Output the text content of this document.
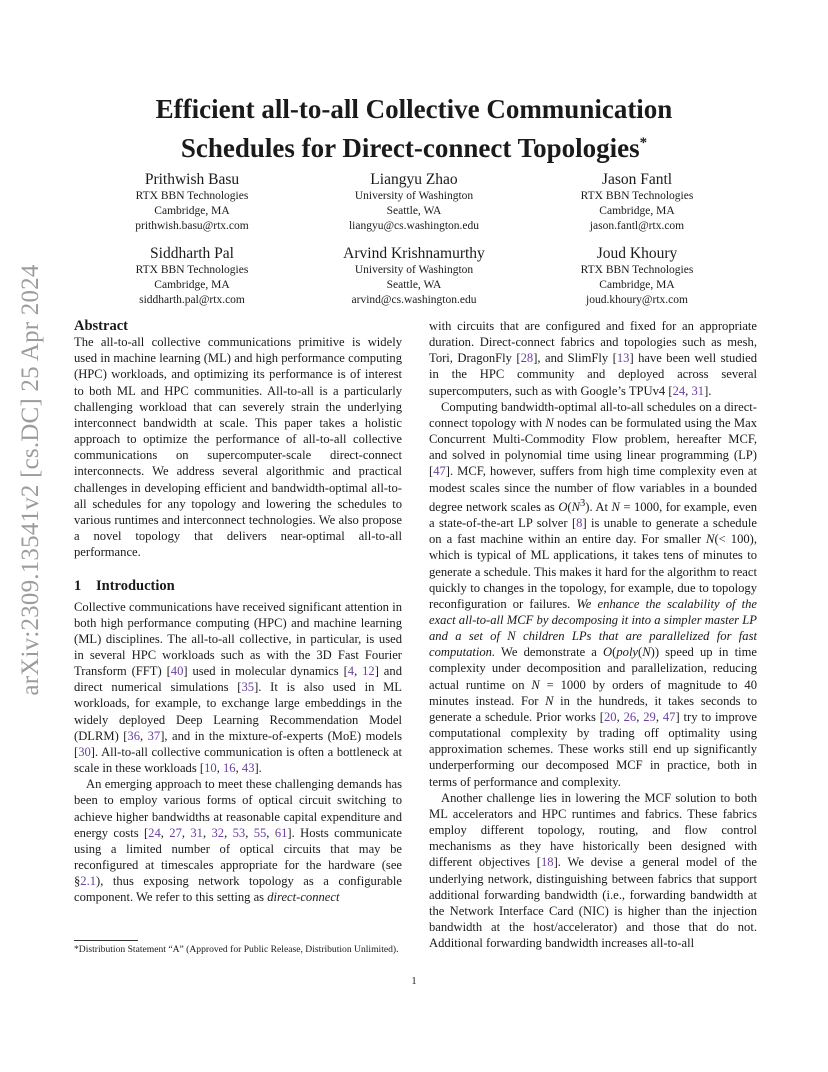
arXiv:2309.13541v2 [cs.DC] 25 Apr 2024
Efficient all-to-all Collective Communication
Schedules for Direct-connect Topologies*
Prithwish Basu
RTX BBN Technologies
Cambridge, MA
prithwish.basu@rtx.com
Liangyu Zhao
University of Washington
Seattle, WA
liangyu@cs.washington.edu
Jason Fantl
RTX BBN Technologies
Cambridge, MA
jason.fantl@rtx.com
Siddharth Pal
RTX BBN Technologies
Cambridge, MA
siddharth.pal@rtx.com
Arvind Krishnamurthy
University of Washington
Seattle, WA
arvind@cs.washington.edu
Joud Khoury
RTX BBN Technologies
Cambridge, MA
joud.khoury@rtx.com
Abstract

The all-to-all collective communications primitive is widely used in machine learning (ML) and high performance computing (HPC) workloads, and optimizing its performance is of interest to both ML and HPC communities. All-to-all is a particularly challenging workload that can severely strain the underlying interconnect bandwidth at scale. This paper takes a holistic approach to optimize the performance of all-to-all collective communications on supercomputer-scale direct-connect interconnects. We address several algorithmic and practical challenges in developing efficient and bandwidth-optimal all-to-all schedules for any topology and lowering the schedules to various runtimes and interconnect technologies. We also propose a novel topology that delivers near-optimal all-to-all performance.

1 Introduction

Collective communications have received significant attention in both high performance computing (HPC) and machine learning (ML) disciplines. The all-to-all collective, in particular, is used in several HPC workloads such as with the 3D Fast Fourier Transform (FFT) [40] used in molecular dynamics [4, 12] and direct numerical simulations [35]. It is also used in ML workloads, for example, to exchange large embeddings in the widely deployed Deep Learning Recommendation Model (DLRM) [36, 37], and in the mixture-of-experts (MoE) models [30]. All-to-all collective communication is often a bottleneck at scale in these workloads [10, 16, 43].

An emerging approach to meet these challenging demands has been to employ various forms of optical circuit switching to achieve higher bandwidths at reasonable capital expenditure and energy costs [24, 27, 31, 32, 53, 55, 61]. Hosts communicate using a limited number of optical circuits that may be reconfigured at timescales appropriate for the hardware (see §2.1), thus exposing network topology as a configurable component. We refer to this setting as direct-connect

*Distribution Statement “A” (Approved for Public Release, Distribution Unlimited).

with circuits that are configured and fixed for an appropriate duration. Direct-connect fabrics and topologies such as mesh, Tori, DragonFly [28], and SlimFly [13] have been well studied in the HPC community and deployed across several supercomputers, such as with Google’s TPUv4 [24, 31].

Computing bandwidth-optimal all-to-all schedules on a direct-connect topology with N nodes can be formulated using the Max Concurrent Multi-Commodity Flow problem, hereafter MCF, and solved in polynomial time using linear programming (LP) [47]. MCF, however, suffers from high time complexity even at modest scales since the number of flow variables in a bounded degree network scales as $O(N^3)$. At N = 1000, for example, even a state-of-the-art LP solver [8] is unable to generate a schedule on a fast machine within an entire day. For smaller N(< 100), which is typical of ML applications, it takes tens of minutes to generate a schedule. This makes it hard for the algorithm to react quickly to changes in the topology, for example, due to topology reconfiguration or failures. We enhance the scalability of the exact all-to-all MCF by decomposing it into a simpler master LP and a set of N children LPs that are parallelized for fast computation. We demonstrate a O(poly(N)) speed up in time complexity under decomposition and parallelization, reducing actual runtime on N = 1000 by orders of magnitude to 40 minutes instead. For N in the hundreds, it takes seconds to generate a schedule. Prior works [20, 26, 29, 47] try to improve computational complexity by trading off optimality using approximation schemes. These works still end up significantly underperforming our decomposed MCF in practice, both in terms of performance and complexity.

Another challenge lies in lowering the MCF solution to both ML accelerators and HPC runtimes and fabrics. These fabrics employ different topology, routing, and flow control mechanisms as they have historically been designed with different objectives [18]. We devise a general model of the underlying network, distinguishing between fabrics that support additional forwarding bandwidth (i.e., forwarding bandwidth at the Network Interface Card (NIC) is higher than the injection bandwidth at the host/accelerator) and those that do not. Additional forwarding bandwidth increases all-to-all

1
